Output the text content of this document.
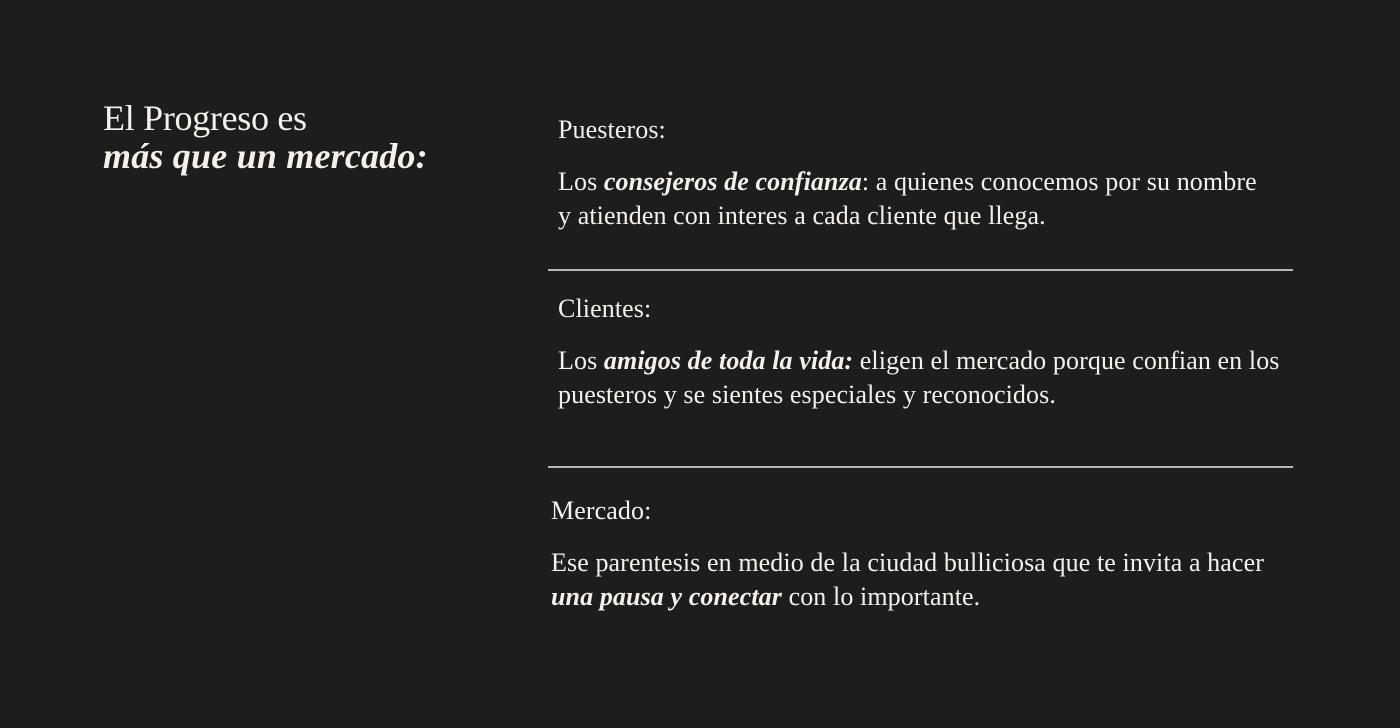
El Progreso es
más que un mercado:
Puesteros:
Los consejeros de confianza: a quienes conocemos por su nombre y atienden con interes a cada cliente que llega.
Clientes:
Los amigos de toda la vida: eligen el mercado porque confian en los puesteros y se sientes especiales y reconocidos.
Mercado:
Ese parentesis en medio de la ciudad bulliciosa que te invita a hacer una pausa y conectar con lo importante.
